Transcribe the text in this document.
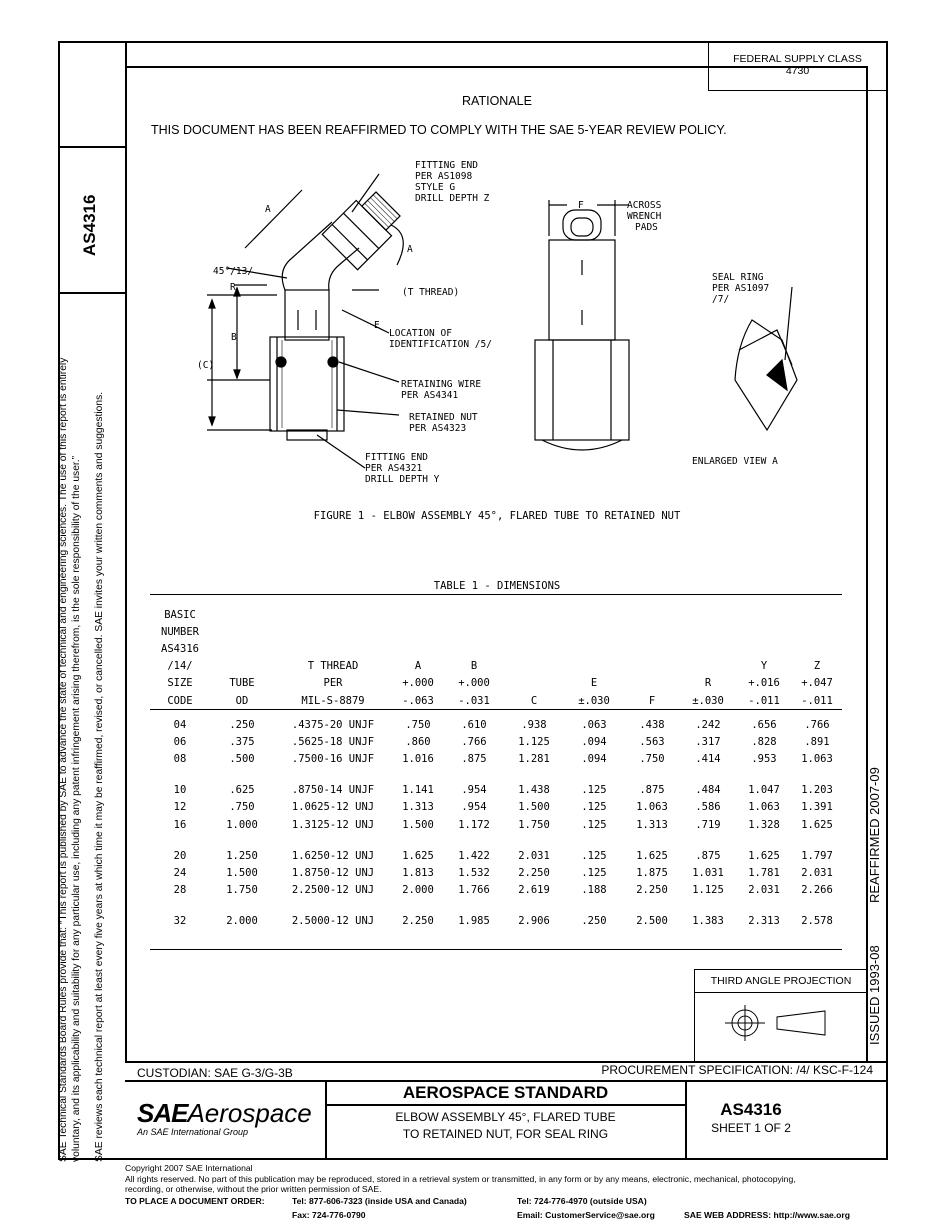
SAE Technical Standards Board Rules provide that: “This report is published by SAE to advance the state of technical and engineering sciences. The use of this report is entirely voluntary, and its applicability and suitability for any particular use, including any patent infringement arising therefrom, is the sole responsibility of the user.” SAE reviews each technical report at least every five years at which time it may be reaffirmed, revised, or cancelled. SAE invites your written comments and suggestions.
AS4316
FEDERAL SUPPLY CLASS
4730
RATIONALE
THIS DOCUMENT HAS BEEN REAFFIRMED TO COMPLY WITH THE SAE 5-YEAR REVIEW POLICY.
FITTING END
PER AS1098
STYLE G
DRILL DEPTH Z
A
A
45°/13/
R	(T THREAD)
B
E
(C)
LOCATION OF
IDENTIFICATION /5/
RETAINING WIRE
PER AS4341
RETAINED NUT
PER AS4323
FITTING END
PER AS4321
DRILL DEPTH Y
F	ACROSS
WRENCH
PADS
SEAL RING
PER AS1097
/7/
ENLARGED VIEW A
FIGURE 1 - ELBOW ASSEMBLY 45°, FLARED TUBE TO RETAINED NUT
TABLE 1 - DIMENSIONS
BASIC										
NUMBER										
AS4316										
/14/		T THREAD	A	B					Y	Z
SIZE	TUBE	PER	+.000	+.000		E		R	+.016	+.047
CODE	OD	MIL-S-8879	-.063	-.031	C	±.030	F	±.030	-.011	-.011

04	.250	.4375-20 UNJF	.750	.610	.938	.063	.438	.242	.656	.766
06	.375	.5625-18 UNJF	.860	.766	1.125	.094	.563	.317	.828	.891
08	.500	.7500-16 UNJF	1.016	.875	1.281	.094	.750	.414	.953	1.063

10	.625	.8750-14 UNJF	1.141	.954	1.438	.125	.875	.484	1.047	1.203
12	.750	1.0625-12 UNJ	1.313	.954	1.500	.125	1.063	.586	1.063	1.391
16	1.000	1.3125-12 UNJ	1.500	1.172	1.750	.125	1.313	.719	1.328	1.625

20	1.250	1.6250-12 UNJ	1.625	1.422	2.031	.125	1.625	.875	1.625	1.797
24	1.500	1.8750-12 UNJ	1.813	1.532	2.250	.125	1.875	1.031	1.781	2.031
28	1.750	2.2500-12 UNJ	2.000	1.766	2.619	.188	2.250	1.125	2.031	2.266

32	2.000	2.5000-12 UNJ	2.250	1.985	2.906	.250	2.500	1.383	2.313	2.578
REAFFIRMED 2007-09
ISSUED 1993-08
THIRD ANGLE PROJECTION
CUSTODIAN: SAE G-3/G-3B	PROCUREMENT SPECIFICATION: /4/ KSC-F-124
SAEAerospace
An SAE International Group
AEROSPACE STANDARD
ELBOW ASSEMBLY 45°, FLARED TUBE
TO RETAINED NUT, FOR SEAL RING
AS4316
SHEET 1 OF 2
Copyright 2007 SAE International
All rights reserved. No part of this publication may be reproduced, stored in a retrieval system or transmitted, in any form or by any means, electronic, mechanical, photocopying,
recording, or otherwise, without the prior written permission of SAE.
TO PLACE A DOCUMENT ORDER:	Tel: 877-606-7323 (inside USA and Canada)
Fax: 724-776-0790
Tel: 724-776-4970 (outside USA)
Email: CustomerService@sae.org	SAE WEB ADDRESS: http://www.sae.org
